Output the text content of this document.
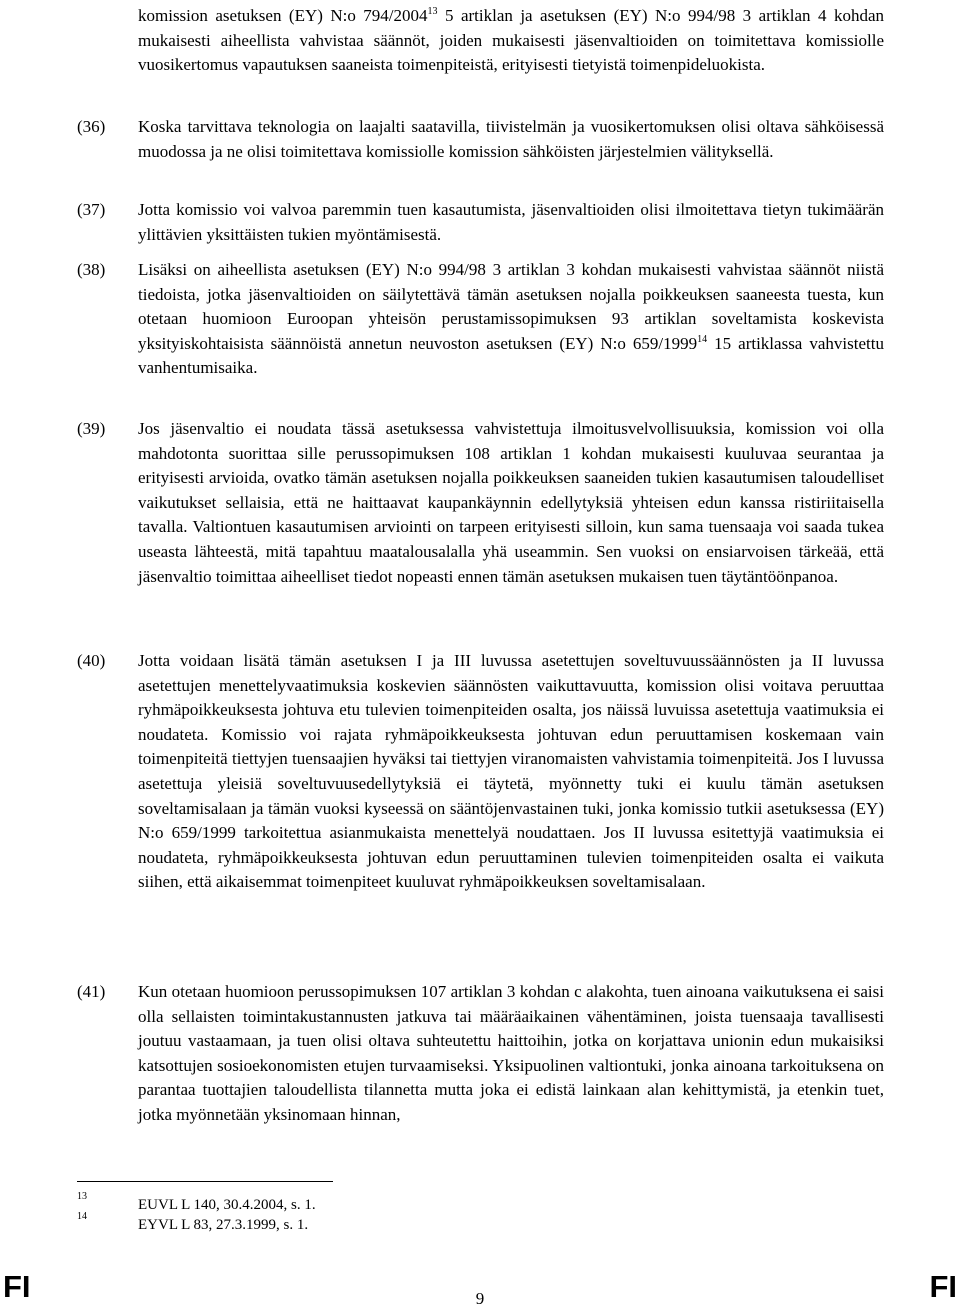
komission asetuksen (EY) N:o 794/2004$^{13}$ 5 artiklan ja asetuksen (EY) N:o 994/98 3 artiklan 4 kohdan mukaisesti aiheellista vahvistaa säännöt, joiden mukaisesti jäsenvaltioiden on toimitettava komissiolle vuosikertomus vapautuksen saaneista toimenpiteistä, erityisesti tietyistä toimenpideluokista.
(36) Koska tarvittava teknologia on laajalti saatavilla, tiivistelmän ja vuosikertomuksen olisi oltava sähköisessä muodossa ja ne olisi toimitettava komissiolle komission sähköisten järjestelmien välityksellä.
(37) Jotta komissio voi valvoa paremmin tuen kasautumista, jäsenvaltioiden olisi ilmoitettava tietyn tukimäärän ylittävien yksittäisten tukien myöntämisestä.
(38) Lisäksi on aiheellista asetuksen (EY) N:o 994/98 3 artiklan 3 kohdan mukaisesti vahvistaa säännöt niistä tiedoista, jotka jäsenvaltioiden on säilytettävä tämän asetuksen nojalla poikkeuksen saaneesta tuesta, kun otetaan huomioon Euroopan yhteisön perustamissopimuksen 93 artiklan soveltamista koskevista yksityiskohtaisista säännöistä annetun neuvoston asetuksen (EY) N:o 659/1999$^{14}$ 15 artiklassa vahvistettu vanhentumisaika.
(39) Jos jäsenvaltio ei noudata tässä asetuksessa vahvistettuja ilmoitusvelvollisuuksia, komission voi olla mahdotonta suorittaa sille perussopimuksen 108 artiklan 1 kohdan mukaisesti kuuluvaa seurantaa ja erityisesti arvioida, ovatko tämän asetuksen nojalla poikkeuksen saaneiden tukien kasautumisen taloudelliset vaikutukset sellaisia, että ne haittaavat kaupankäynnin edellytyksiä yhteisen edun kanssa ristiriitaisella tavalla. Valtiontuen kasautumisen arviointi on tarpeen erityisesti silloin, kun sama tuensaaja voi saada tukea useasta lähteestä, mitä tapahtuu maatalousalalla yhä useammin. Sen vuoksi on ensiarvoisen tärkeää, että jäsenvaltio toimittaa aiheelliset tiedot nopeasti ennen tämän asetuksen mukaisen tuen täytäntöönpanoa.
(40) Jotta voidaan lisätä tämän asetuksen I ja III luvussa asetettujen soveltuvuussäännösten ja II luvussa asetettujen menettelyvaatimuksia koskevien säännösten vaikuttavuutta, komission olisi voitava peruuttaa ryhmäpoikkeuksesta johtuva etu tulevien toimenpiteiden osalta, jos näissä luvuissa asetettuja vaatimuksia ei noudateta. Komissio voi rajata ryhmäpoikkeuksesta johtuvan edun peruuttamisen koskemaan vain toimenpiteitä tiettyjen tuensaajien hyväksi tai tiettyjen viranomaisten vahvistamia toimenpiteitä. Jos I luvussa asetettuja yleisiä soveltuvuusedellytyksiä ei täytetä, myönnetty tuki ei kuulu tämän asetuksen soveltamisalaan ja tämän vuoksi kyseessä on sääntöjenvastainen tuki, jonka komissio tutkii asetuksessa (EY) N:o 659/1999 tarkoitettua asianmukaista menettelyä noudattaen. Jos II luvussa esitettyjä vaatimuksia ei noudateta, ryhmäpoikkeuksesta johtuvan edun peruuttaminen tulevien toimenpiteiden osalta ei vaikuta siihen, että aikaisemmat toimenpiteet kuuluvat ryhmäpoikkeuksen soveltamisalaan.
(41) Kun otetaan huomioon perussopimuksen 107 artiklan 3 kohdan c alakohta, tuen ainoana vaikutuksena ei saisi olla sellaisten toimintakustannusten jatkuva tai määräaikainen vähentäminen, joista tuensaaja tavallisesti joutuu vastaamaan, ja tuen olisi oltava suhteutettu haittoihin, jotka on korjattava unionin edun mukaisiksi katsottujen sosioekonomisten etujen turvaamiseksi. Yksipuolinen valtiontuki, jonka ainoana tarkoituksena on parantaa tuottajien taloudellista tilannetta mutta joka ei edistä lainkaan alan kehittymistä, ja etenkin tuet, jotka myönnetään yksinomaan hinnan,
13
EUVL L 140, 30.4.2004, s. 1.
14
EYVL L 83, 27.3.1999, s. 1.
FI	9	FI
